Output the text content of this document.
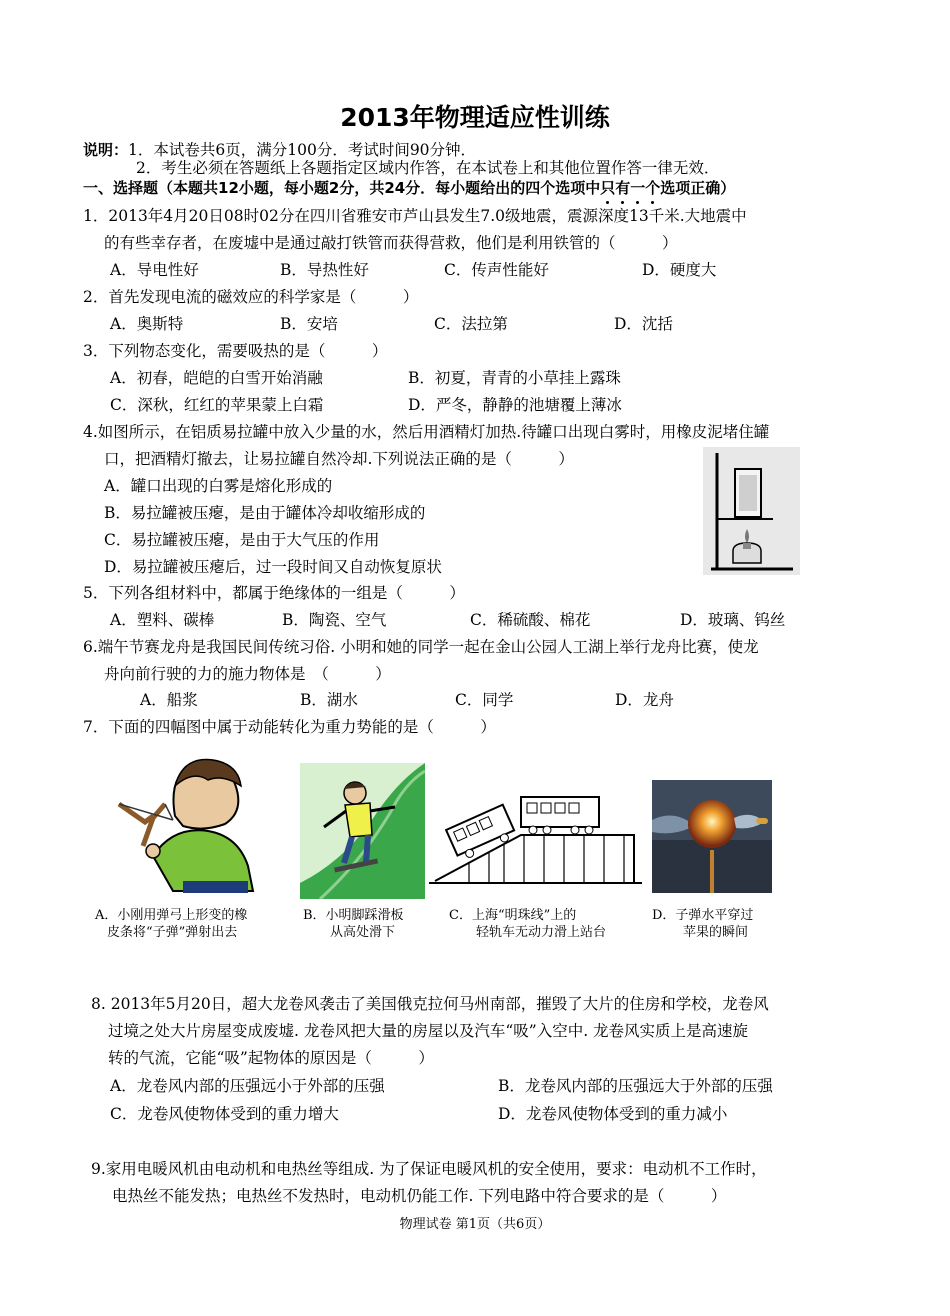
2013年物理适应性训练
说明：1．本试卷共6页，满分100分．考试时间90分钟．
2．考生必须在答题纸上各题指定区域内作答，在本试卷上和其他位置作答一律无效．
一、选择题（本题共12小题，每小题2分，共24分．每小题给出的四个选项中只有一个选项正确）
1．2013年4月20日08时02分在四川省雅安市芦山县发生7.0级地震，震源深度13千米.大地震中
的有些幸存者，在废墟中是通过敲打铁管而获得营救，他们是利用铁管的（　　　）
A．导电性好	B．导热性好	C．传声性能好	D．硬度大
2．首先发现电流的磁效应的科学家是（　　　）
A．奥斯特	B．安培	C．法拉第	D．沈括
3．下列物态变化，需要吸热的是（　　　）
A．初春，皑皑的白雪开始消融	B．初夏，青青的小草挂上露珠
C．深秋，红红的苹果蒙上白霜	D．严冬，静静的池塘覆上薄冰
4.如图所示，在铝质易拉罐中放入少量的水，然后用酒精灯加热.待罐口出现白雾时，用橡皮泥堵住罐
口，把酒精灯撤去，让易拉罐自然冷却.下列说法正确的是（　　　）
A．罐口出现的白雾是熔化形成的
B．易拉罐被压瘪，是由于罐体冷却收缩形成的
C．易拉罐被压瘪，是由于大气压的作用
D．易拉罐被压瘪后，过一段时间又自动恢复原状
5．下列各组材料中，都属于绝缘体的一组是（　　　）
A．塑料、碳棒	B．陶瓷、空气	C．稀硫酸、棉花	D．玻璃、钨丝
6.端午节赛龙舟是我国民间传统习俗. 小明和她的同学一起在金山公园人工湖上举行龙舟比赛，使龙
舟向前行驶的力的施力物体是　（　　　）
A．船浆	B．湖水	C．同学	D．龙舟
7．下面的四幅图中属于动能转化为重力势能的是（　　　）
A．小刚用弹弓上形变的橡
皮条将“子弹”弹射出去
B．小明脚踩滑板
从高处滑下
C．上海“明珠线”上的
轻轨车无动力滑上站台
D．子弹水平穿过
苹果的瞬间
8. 2013年5月20日，超大龙卷风袭击了美国俄克拉何马州南部，摧毁了大片的住房和学校，龙卷风
过境之处大片房屋变成废墟. 龙卷风把大量的房屋以及汽车“吸”入空中. 龙卷风实质上是高速旋
转的气流，它能“吸”起物体的原因是（　　　）
A．龙卷风内部的压强远小于外部的压强	B．龙卷风内部的压强远大于外部的压强
C．龙卷风使物体受到的重力增大	D．龙卷风使物体受到的重力减小
9.家用电暖风机由电动机和电热丝等组成. 为了保证电暖风机的安全使用，要求：电动机不工作时，
电热丝不能发热；电热丝不发热时，电动机仍能工作. 下列电路中符合要求的是（　　　）
物理试卷 第1页（共6页）
